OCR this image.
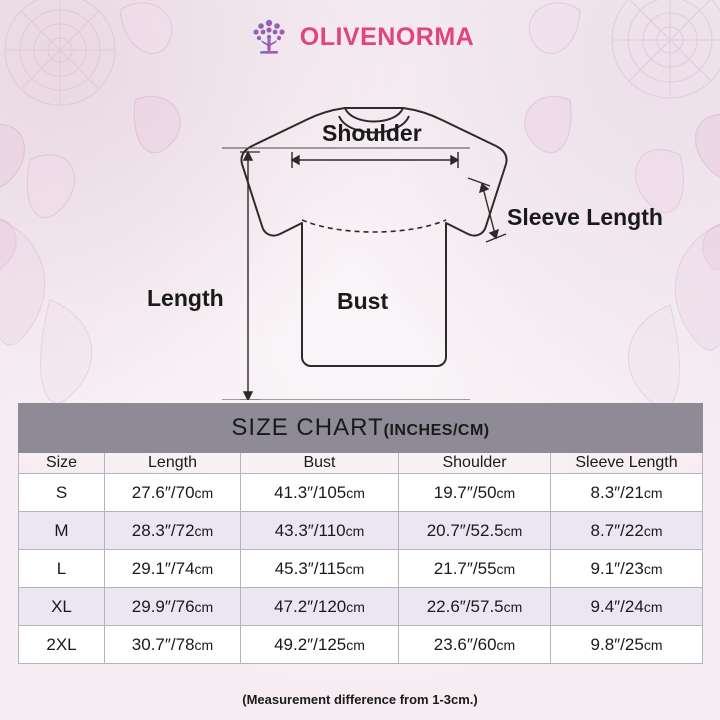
OLIVENORMA
Shoulder
Sleeve Length
Length	Bust
SIZE CHART(INCHES/CM)				
Size	Length	Bust	Shoulder	Sleeve Length
S	27.6″/70cm	41.3″/105cm	19.7″/50cm	8.3″/21cm
M	28.3″/72cm	43.3″/110cm	20.7″/52.5cm	8.7″/22cm
L	29.1″/74cm	45.3″/115cm	21.7″/55cm	9.1″/23cm
XL	29.9″/76cm	47.2″/120cm	22.6″/57.5cm	9.4″/24cm
2XL	30.7″/78cm	49.2″/125cm	23.6″/60cm	9.8″/25cm
(Measurement difference from 1-3cm.)
